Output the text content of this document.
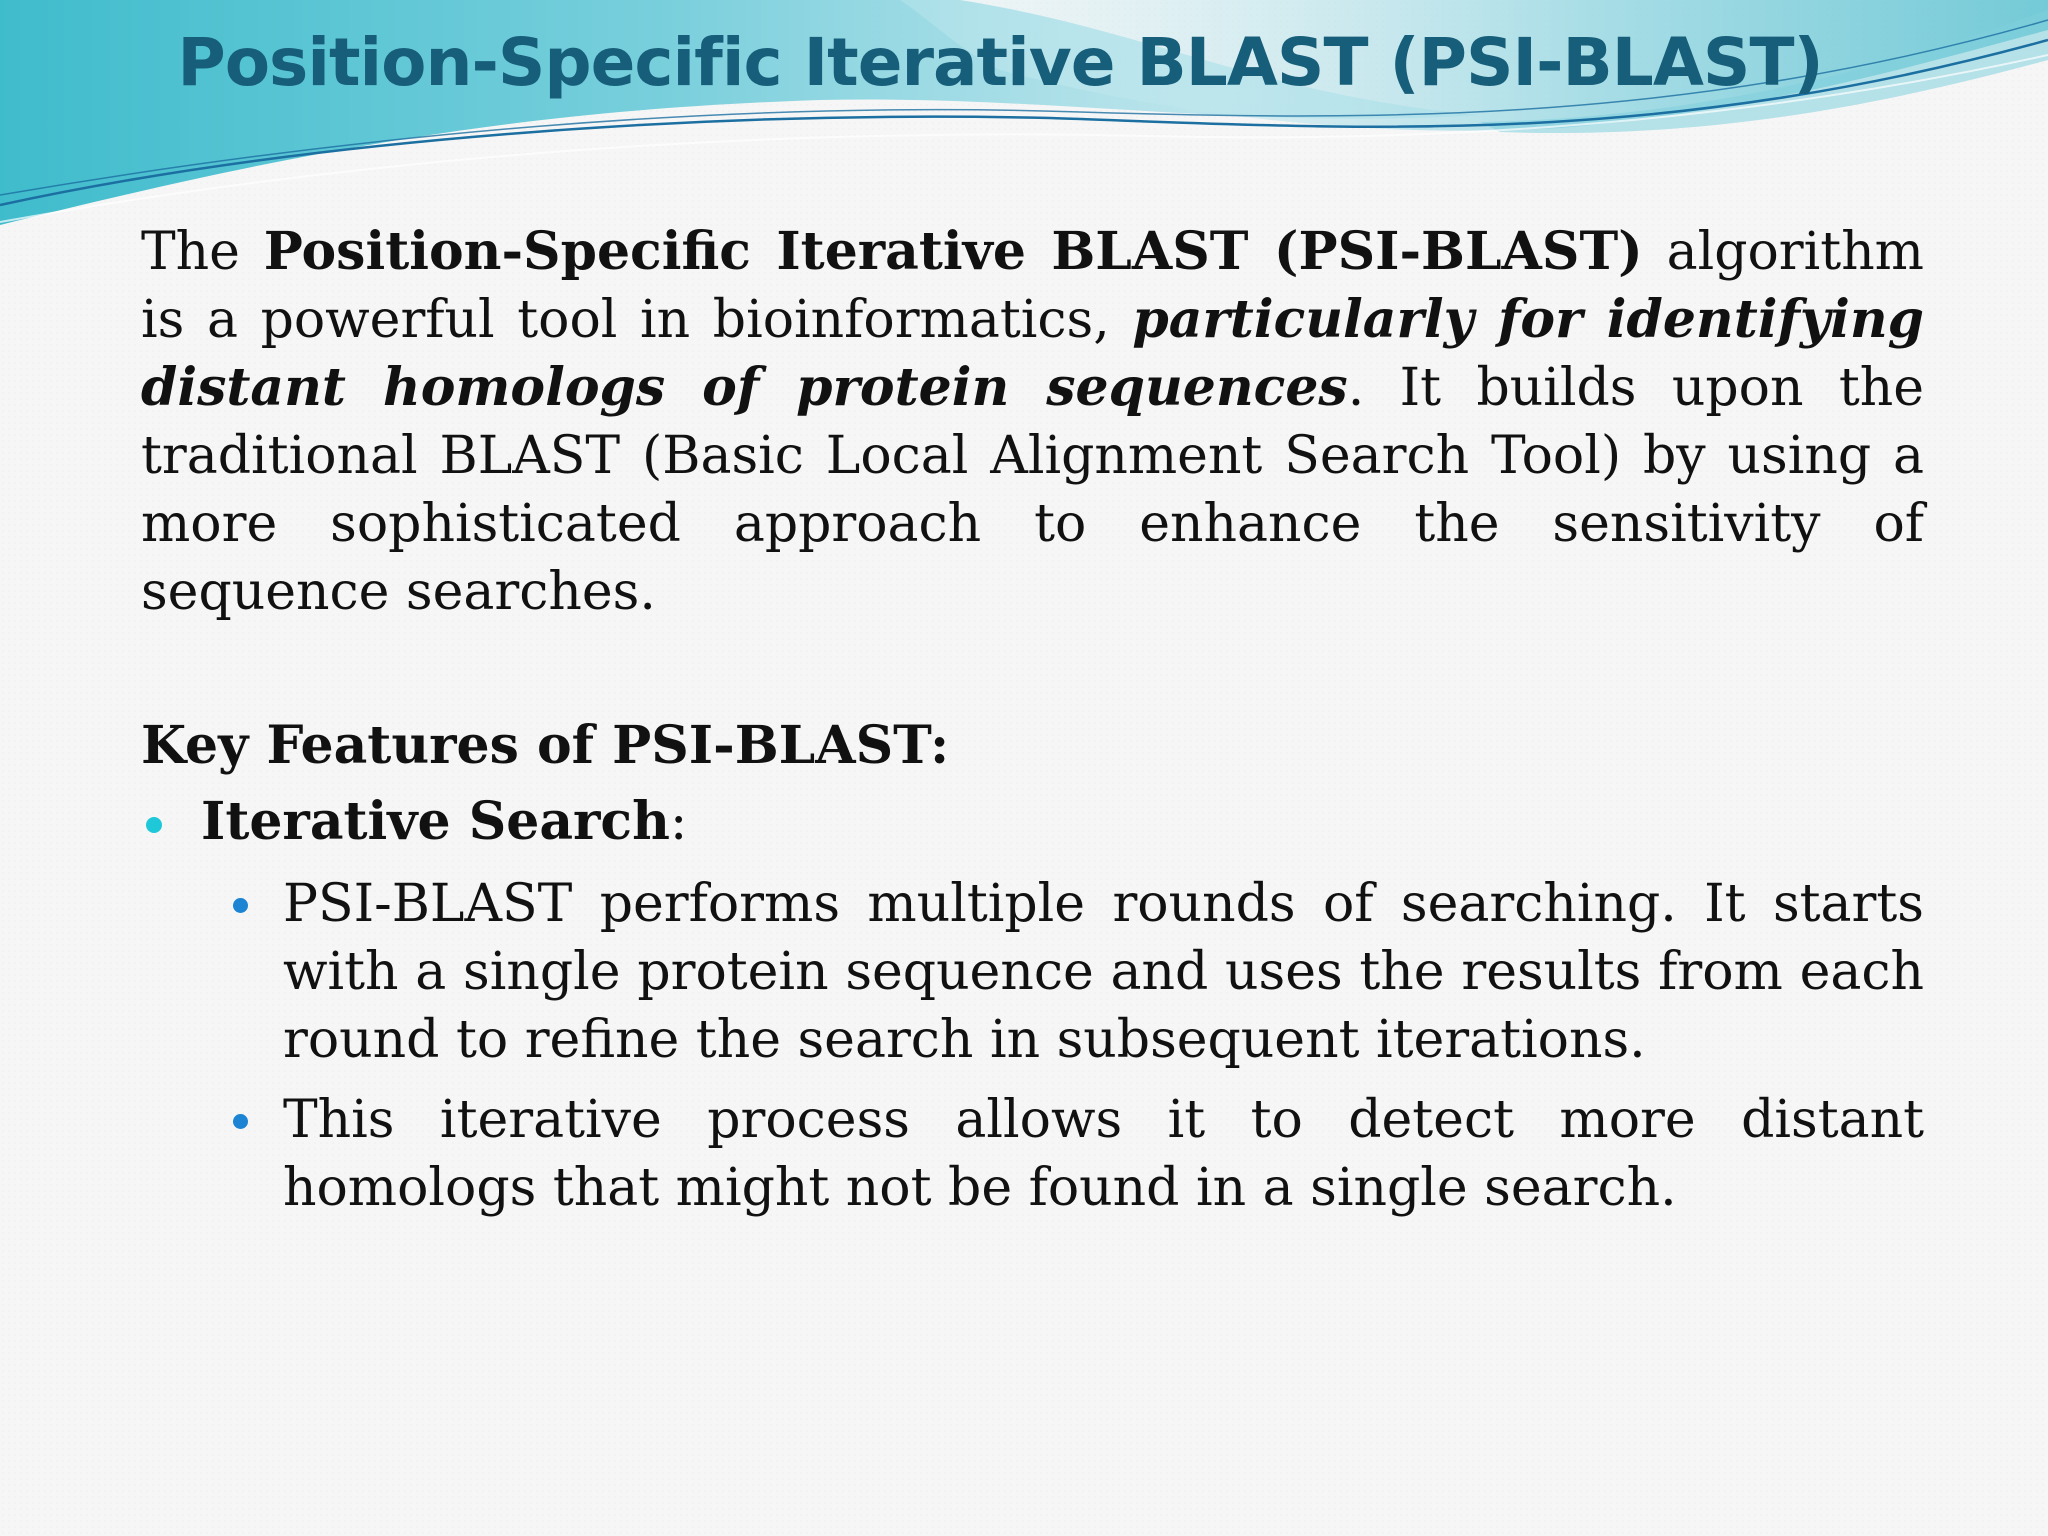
Position-Specific Iterative BLAST (PSI-BLAST)

The Position-Specific Iterative BLAST (PSI-BLAST) algorithm is a powerful tool in bioinformatics, particularly for identifying distant homologs of protein sequences. It builds upon the traditional BLAST (Basic Local Alignment Search Tool) by using a more sophisticated approach to enhance the sensitivity of sequence searches.

Key Features of PSI-BLAST:

Iterative Search:
PSI-BLAST performs multiple rounds of searching. It starts with a single protein sequence and uses the results from each round to refine the search in subsequent iterations.
This iterative process allows it to detect more distant homologs that might not be found in a single search.
